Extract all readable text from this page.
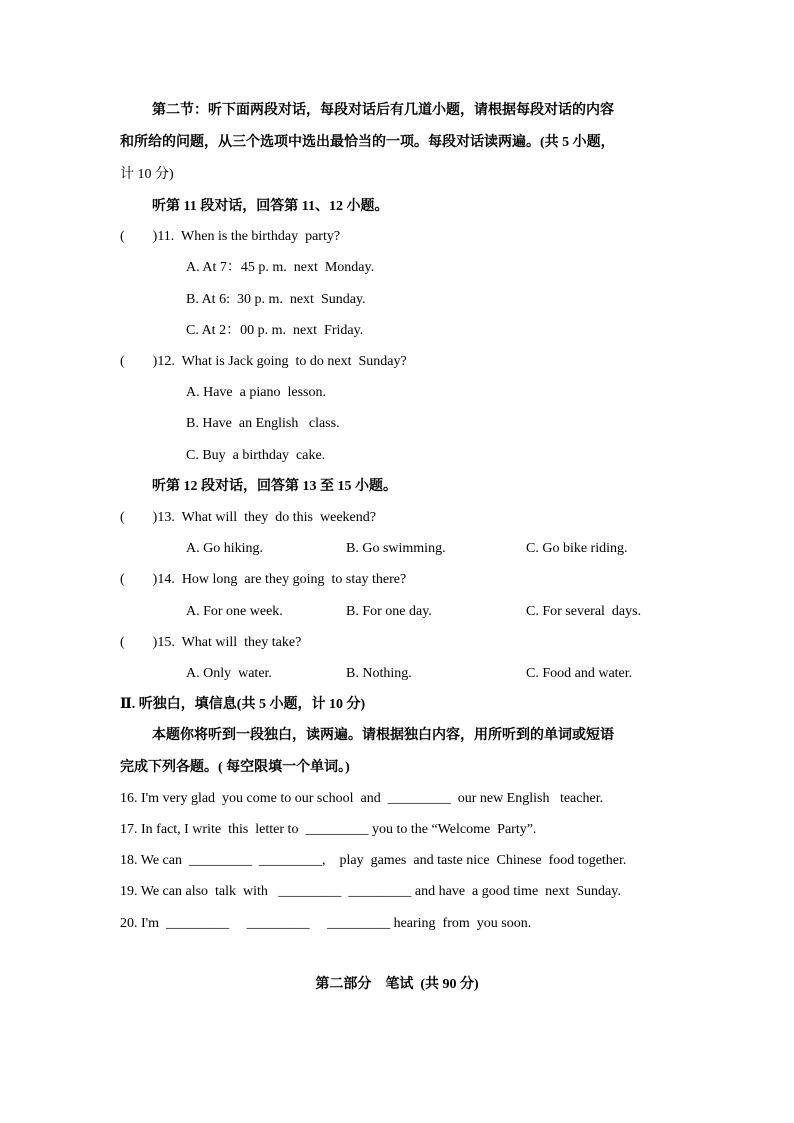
第二节：听下面两段对话，每段对话后有几道小题，请根据每段对话的内容
和所给的问题，从三个选项中选出最恰当的一项。每段对话读两遍。(共 5 小题，
计 10 分)
听第 11 段对话，回答第 11、12 小题。
(        )11.  When is the birthday  party?
A. At 7：45 p. m.  next  Monday.
B. At 6:  30 p. m.  next  Sunday.
C. At 2：00 p. m.  next  Friday.
(        )12.  What is Jack going  to do next  Sunday?
A. Have  a piano  lesson.
B. Have  an English   class.
C. Buy  a birthday  cake.
听第 12 段对话，回答第 13 至 15 小题。
(        )13.  What will  they  do this  weekend?
A. Go hiking.	B. Go swimming.	C. Go bike riding.
(        )14.  How long  are they going  to stay there?
A. For one week.	B. For one day.	C. For several  days.
(        )15.  What will  they take?
A. Only  water.	B. Nothing.	C. Food and water.
Ⅱ. 听独白，填信息(共 5 小题，计 10 分)
本题你将听到一段独白，读两遍。请根据独白内容，用所听到的单词或短语
完成下列各题。( 每空限填一个单词。)
16. I'm very glad  you come to our school  and  _________  our new English   teacher.
17. In fact, I write  this  letter to  _________ you to the “Welcome  Party”.
18. We can  _________  _________,    play  games  and taste nice  Chinese  food together.
19. We can also  talk  with   _________  _________ and have  a good time  next  Sunday.
20. I'm  _________     _________     _________ hearing  from  you soon.
第二部分    笔试  (共 90 分)
